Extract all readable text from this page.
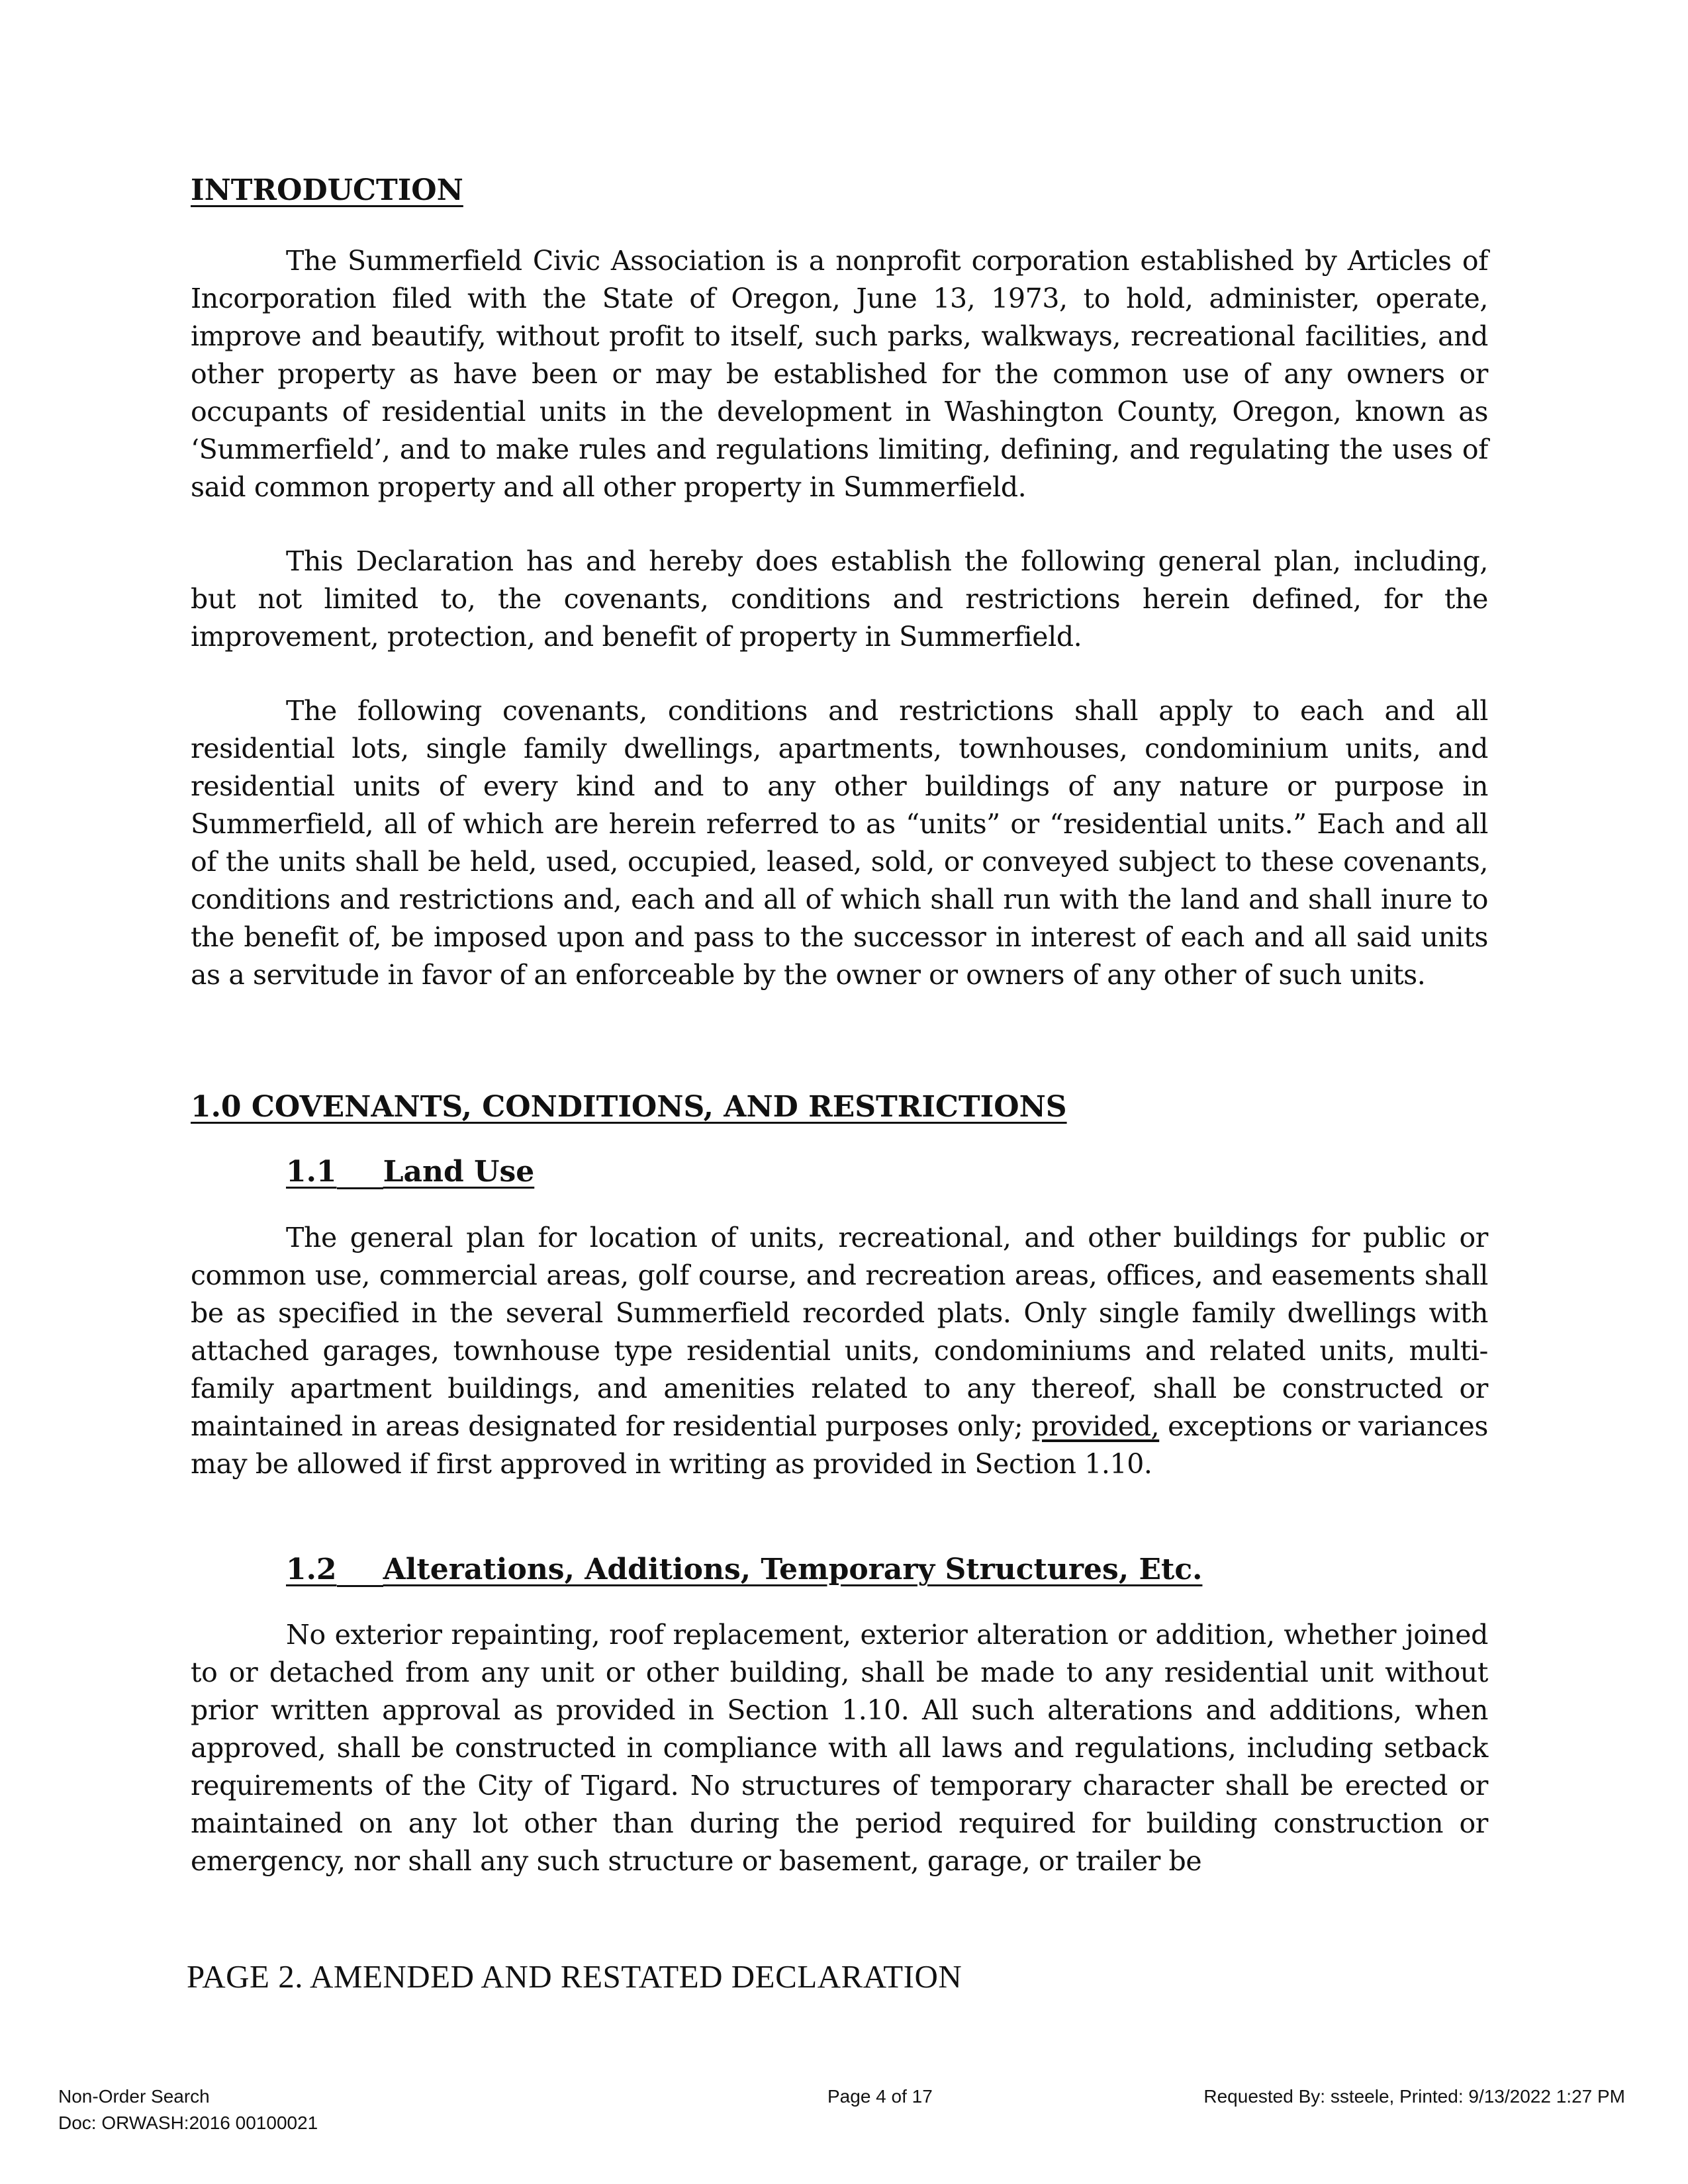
INTRODUCTION

The Summerfield Civic Association is a nonprofit corporation established by Articles of Incorporation filed with the State of Oregon, June 13, 1973, to hold, administer, operate, improve and beautify, without profit to itself, such parks, walkways, recreational facilities, and other property as have been or may be established for the common use of any owners or occupants of residential units in the development in Washington County, Oregon, known as ‘Summerfield’, and to make rules and regulations limiting, defining, and regulating the uses of said common property and all other property in Summerfield.

This Declaration has and hereby does establish the following general plan, including, but not limited to, the covenants, conditions and restrictions herein defined, for the improvement, protection, and benefit of property in Summerfield.

The following covenants, conditions and restrictions shall apply to each and all residential lots, single family dwellings, apartments, townhouses, condominium units, and residential units of every kind and to any other buildings of any nature or purpose in Summerfield, all of which are herein referred to as “units” or “residential units.” Each and all of the units shall be held, used, occupied, leased, sold, or conveyed subject to these covenants, conditions and restrictions and, each and all of which shall run with the land and shall inure to the benefit of, be imposed upon and pass to the successor in interest of each and all said units as a servitude in favor of an enforceable by the owner or owners of any other of such units.

1.0 COVENANTS, CONDITIONS, AND RESTRICTIONS
1.1 Land Use

The general plan for location of units, recreational, and other buildings for public or common use, commercial areas, golf course, and recreation areas, offices, and easements shall be as specified in the several Summerfield recorded plats. Only single family dwellings with attached garages, townhouse type residential units, condominiums and related units, multi-family apartment buildings, and amenities related to any thereof, shall be constructed or maintained in areas designated for residential purposes only; provided, exceptions or variances may be allowed if first approved in writing as provided in Section 1.10.

1.2 Alterations, Additions, Temporary Structures, Etc.

No exterior repainting, roof replacement, exterior alteration or addition, whether joined to or detached from any unit or other building, shall be made to any residential unit without prior written approval as provided in Section 1.10. All such alterations and additions, when approved, shall be constructed in compliance with all laws and regulations, including setback requirements of the City of Tigard. No structures of temporary character shall be erected or maintained on any lot other than during the period required for building construction or emergency, nor shall any such structure or basement, garage, or trailer be

PAGE 2. AMENDED AND RESTATED DECLARATION

Non-Order Search

Doc: ORWASH:2016 00100021

Page 4 of 17	Requested By: ssteele, Printed: 9/13/2022 1:27 PM
